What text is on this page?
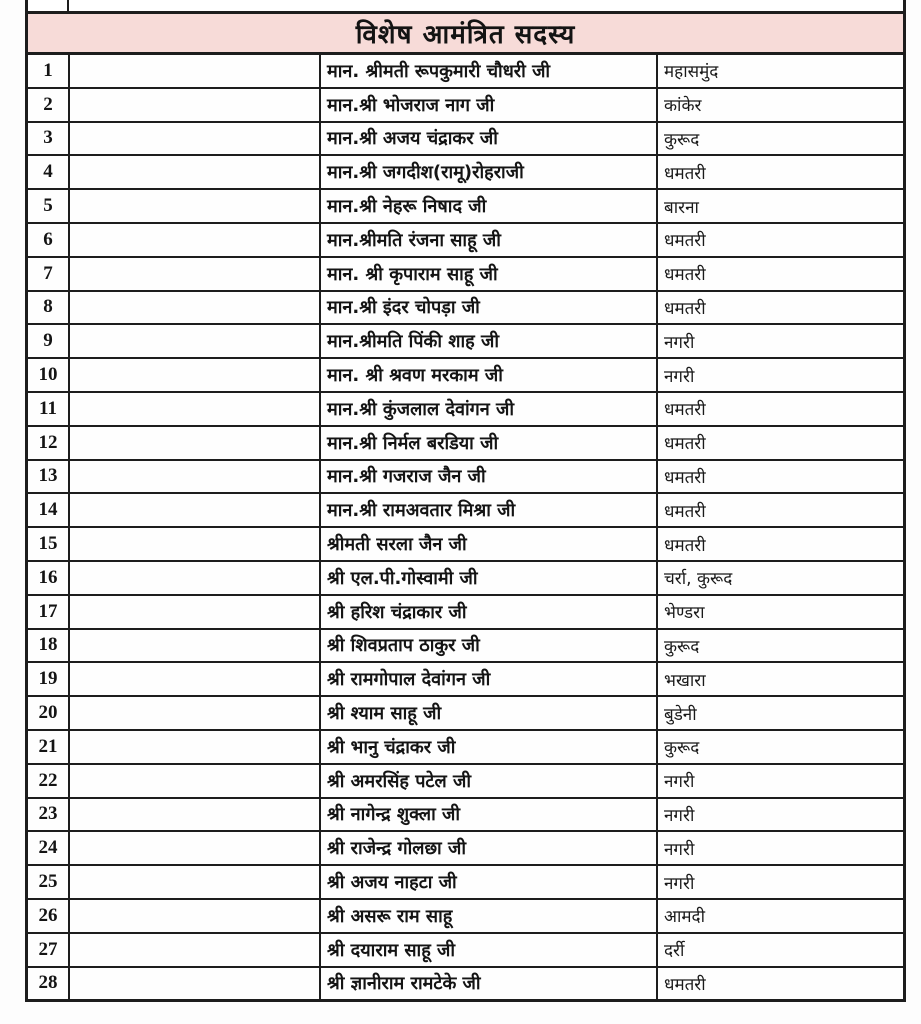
विशेष आमंत्रित सदस्य
1	मान. श्रीमती रूपकुमारी चौधरी जी	महासमुंद
2	मान.श्री भोजराज नाग जी	कांकेर
3	मान.श्री अजय चंद्राकर जी	कुरूद
4	मान.श्री जगदीश(रामू)रोहराजी	धमतरी
5	मान.श्री नेहरू निषाद जी	बारना
6	मान.श्रीमति रंजना साहू जी	धमतरी
7	मान. श्री कृपाराम साहू जी	धमतरी
8	मान.श्री इंदर चोपड़ा जी	धमतरी
9	मान.श्रीमति पिंकी शाह जी	नगरी
10	मान. श्री श्रवण मरकाम जी	नगरी
11	मान.श्री कुंजलाल देवांगन जी	धमतरी
12	मान.श्री निर्मल बरडिया जी	धमतरी
13	मान.श्री गजराज जैन जी	धमतरी
14	मान.श्री रामअवतार मिश्रा जी	धमतरी
15	श्रीमती सरला जैन जी	धमतरी
16	श्री एल.पी.गोस्वामी जी	चर्रा, कुरूद
17	श्री हरिश चंद्राकार जी	भेण्डरा
18	श्री शिवप्रताप ठाकुर जी	कुरूद
19	श्री रामगोपाल देवांगन जी	भखारा
20	श्री श्याम साहू जी	बुडेनी
21	श्री भानु चंद्राकर जी	कुरूद
22	श्री अमरसिंह पटेल जी	नगरी
23	श्री नागेन्द्र शुक्ला जी	नगरी
24	श्री राजेन्द्र गोलछा जी	नगरी
25	श्री अजय नाहटा जी	नगरी
26	श्री असरू राम साहू	आमदी
27	श्री दयाराम साहू जी	दर्री
28	श्री ज्ञानीराम रामटेके जी	धमतरी
